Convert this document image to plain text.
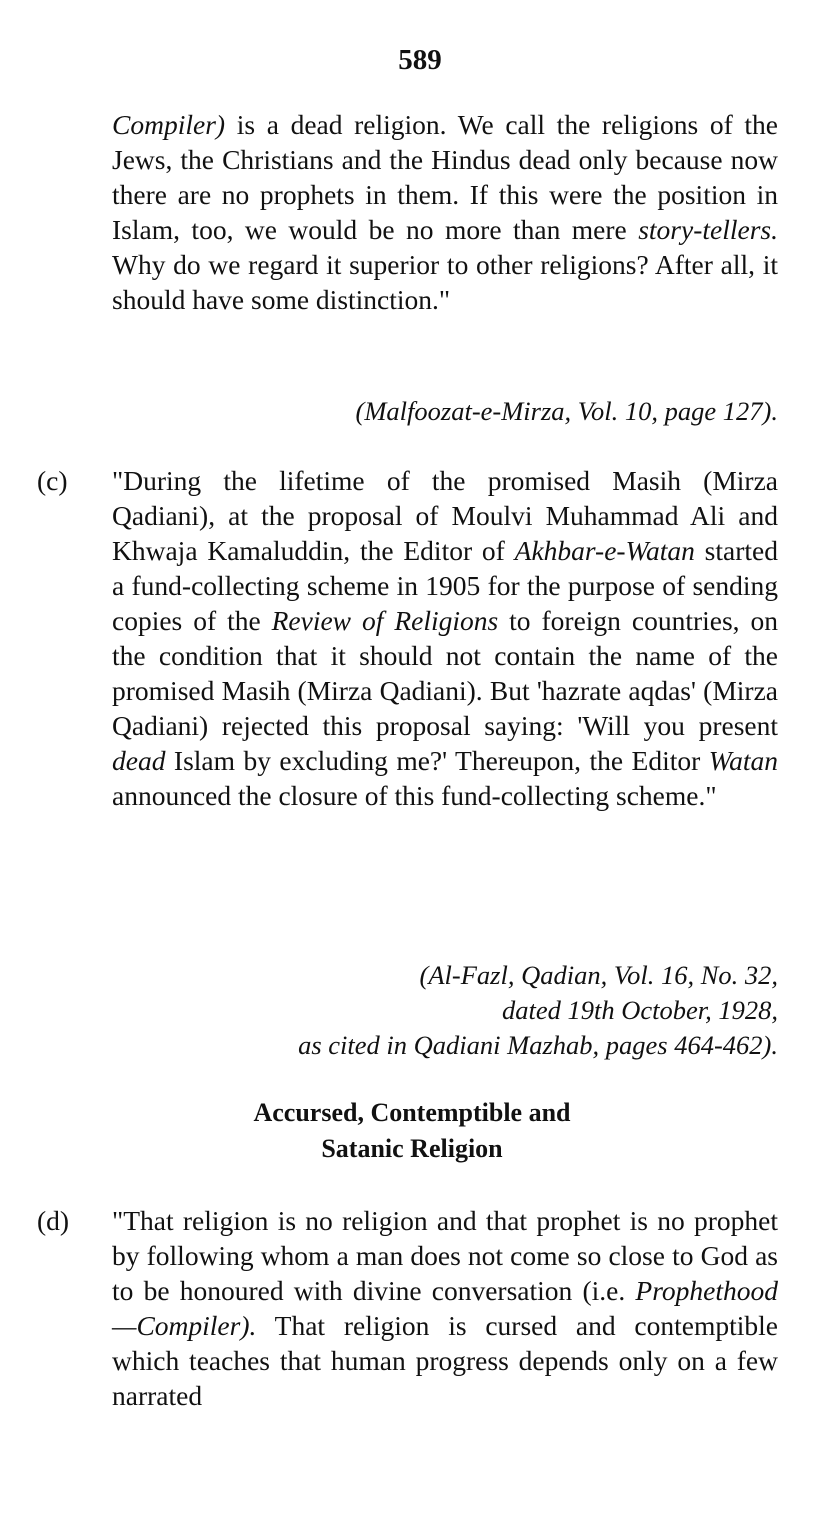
589

Compiler) is a dead religion. We call the religions of the Jews, the Christians and the Hindus dead only because now there are no prophets in them. If this were the position in Islam, too, we would be no more than mere story-tellers. Why do we regard it superior to other religions? After all, it should have some distinction."

(Malfoozat-e-Mirza, Vol. 10, page 127).
(c) "During the lifetime of the promised Masih (Mirza Qadiani), at the proposal of Moulvi Muhammad Ali and Khwaja Kamaluddin, the Editor of Akhbar-e-Watan started a fund-collecting scheme in 1905 for the purpose of sending copies of the Review of Religions to foreign countries, on the condition that it should not contain the name of the promised Masih (Mirza Qadiani). But 'hazrate aqdas' (Mirza Qadiani) rejected this proposal saying: 'Will you present dead Islam by excluding me?' Thereupon, the Editor Watan announced the closure of this fund-collecting scheme."

(Al-Fazl, Qadian, Vol. 16, No. 32,
dated 19th October, 1928,
as cited in Qadiani Mazhab, pages 464-462).
Accursed, Contemptible and
Satanic Religion
(d) "That religion is no religion and that prophet is no prophet by following whom a man does not come so close to God as to be honoured with divine conversation (i.e. Prophethood —Compiler). That religion is cursed and contemptible which teaches that human progress depends only on a few narrated
